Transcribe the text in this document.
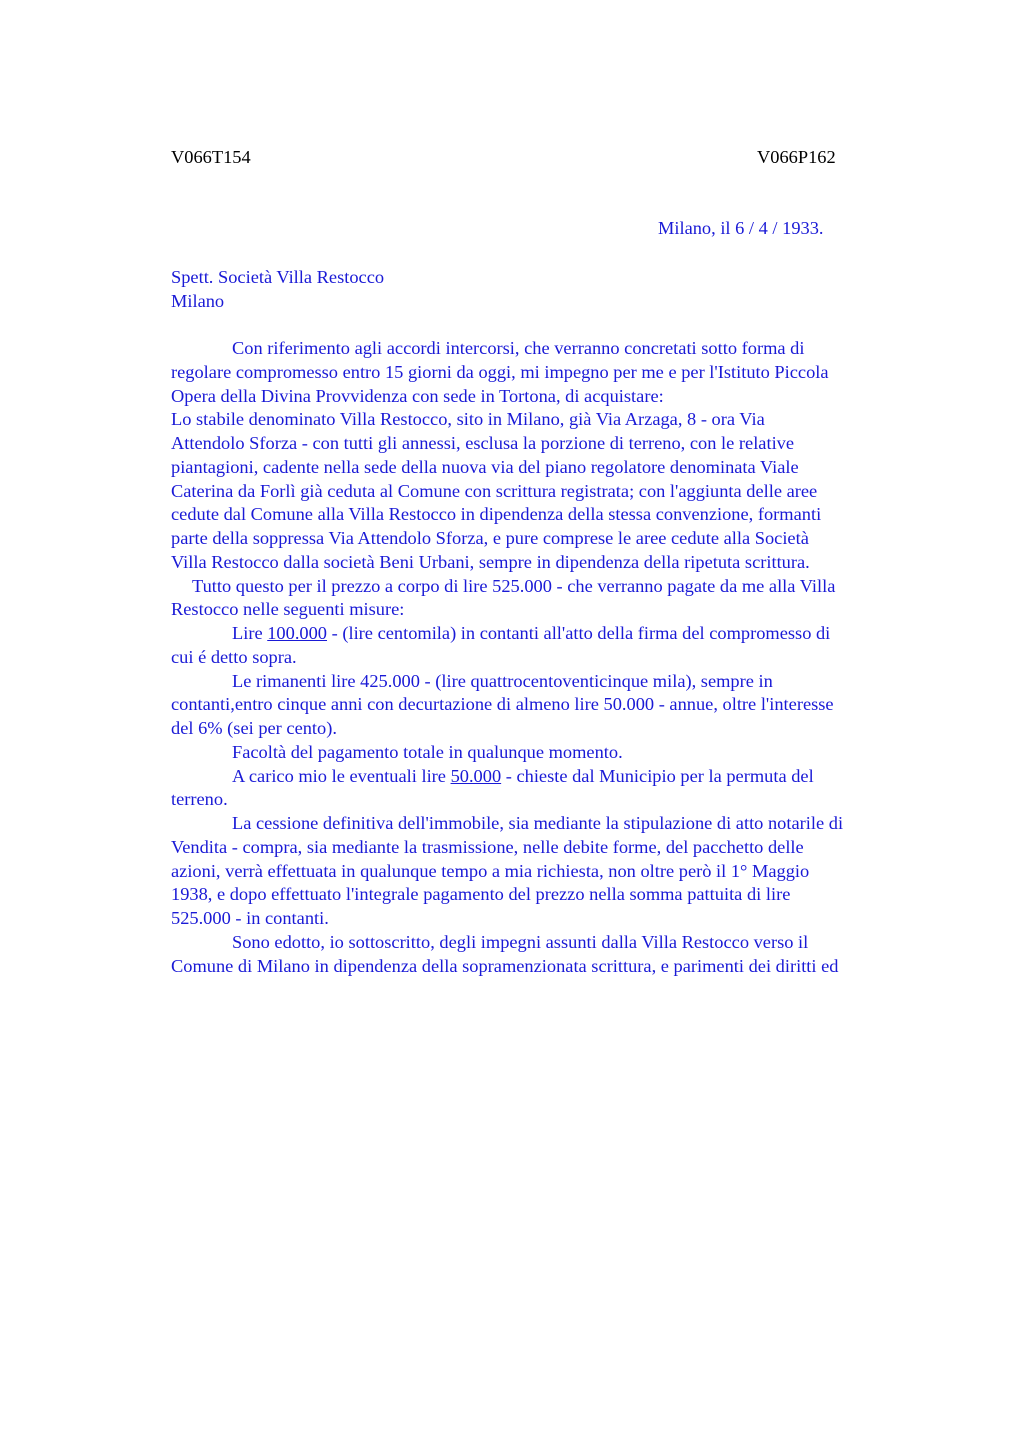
V066T154	V066P162
Milano, il 6 / 4 / 1933.
Spett. Società Villa Restocco
Milano
Con riferimento agli accordi intercorsi, che verranno concretati sotto forma di
regolare compromesso entro 15 giorni da oggi, mi impegno per me e per l'Istituto Piccola
Opera della Divina Provvidenza con sede in Tortona, di acquistare:
Lo stabile denominato Villa Restocco, sito in Milano, già Via Arzaga, 8 - ora Via
Attendolo Sforza - con tutti gli annessi, esclusa la porzione di terreno, con le relative
piantagioni, cadente nella sede della nuova via del piano regolatore denominata Viale
Caterina da Forlì già ceduta al Comune con scrittura registrata; con l'aggiunta delle aree
cedute dal Comune alla Villa Restocco in dipendenza della stessa convenzione, formanti
parte della soppressa Via Attendolo Sforza, e pure comprese le aree cedute alla Società
Villa Restocco dalla società Beni Urbani, sempre in dipendenza della ripetuta scrittura.
Tutto questo per il prezzo a corpo di lire 525.000 - che verranno pagate da me alla Villa
Restocco nelle seguenti misure:
Lire 100.000 - (lire centomila) in contanti all'atto della firma del compromesso di
cui é detto sopra.
Le rimanenti lire 425.000 - (lire quattrocentoventicinque mila), sempre in
contanti,entro cinque anni con decurtazione di almeno lire 50.000 - annue, oltre l'interesse
del 6% (sei per cento).
Facoltà del pagamento totale in qualunque momento.
A carico mio le eventuali lire 50.000 - chieste dal Municipio per la permuta del
terreno.
La cessione definitiva dell'immobile, sia mediante la stipulazione di atto notarile di
Vendita - compra, sia mediante la trasmissione, nelle debite forme, del pacchetto delle
azioni, verrà effettuata in qualunque tempo a mia richiesta, non oltre però il 1° Maggio
1938, e dopo effettuato l'integrale pagamento del prezzo nella somma pattuita di lire
525.000 - in contanti.
Sono edotto, io sottoscritto, degli impegni assunti dalla Villa Restocco verso il
Comune di Milano in dipendenza della sopramenzionata scrittura, e parimenti dei diritti ed
